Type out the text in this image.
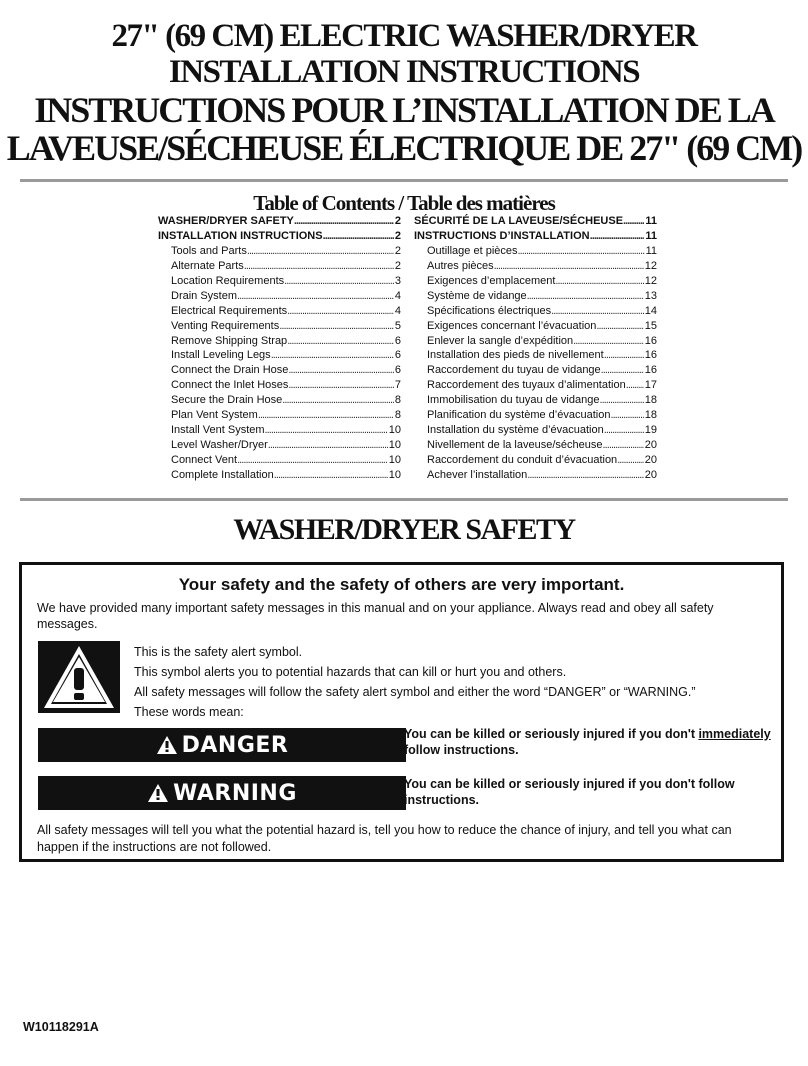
27" (69 CM) ELECTRIC WASHER/DRYER
INSTALLATION INSTRUCTIONS
INSTRUCTIONS POUR L’INSTALLATION DE LA
LAVEUSE/SÉCHEUSE ÉLECTRIQUE DE 27" (69 CM)
Table of Contents / Table des matières
WASHER/DRYER SAFETY . . .	2
INSTALLATION INSTRUCTIONS . . .	2
Tools and Parts . . .	2
Alternate Parts . . .	2
Location Requirements . . .	3
Drain System . . .	4
Electrical Requirements . . .	4
Venting Requirements . . .	5
Remove Shipping Strap . . .	6
Install Leveling Legs . . .	6
Connect the Drain Hose . . .	6
Connect the Inlet Hoses . . .	7
Secure the Drain Hose . . .	8
Plan Vent System . . .	8
Install Vent System . . .	10
Level Washer/Dryer . . .	10
Connect Vent . . .	10
Complete Installation . . .	10
SÉCURITÉ DE LA LAVEUSE/SÉCHEUSE . . . 11
INSTRUCTIONS D’INSTALLATION . . .	11
Outillage et pièces . . .	11
Autres pièces . . .	12
Exigences d’emplacement . . .	12
Système de vidange . . .	13
Spécifications électriques . . .	14
Exigences concernant l’évacuation . . .	15
Enlever la sangle d’expédition . . .	16
Installation des pieds de nivellement . . .	16
Raccordement du tuyau de vidange . . .	16
Raccordement des tuyaux d’alimentation . . . 17
Immobilisation du tuyau de vidange . . .	18
Planification du système d’évacuation . . .	18
Installation du système d’évacuation . . .	19
Nivellement de la laveuse/sécheuse . . .	20
Raccordement du conduit d’évacuation . . .	20
Achever l’installation . . .	20
WASHER/DRYER SAFETY
Your safety and the safety of others are very important.
We have provided many important safety messages in this manual and on your appliance. Always read and obey all safety messages.
This is the safety alert symbol.
This symbol alerts you to potential hazards that can kill or hurt you and others.
All safety messages will follow the safety alert symbol and either the word “DANGER” or “WARNING.”
These words mean:
DANGER	You can be killed or seriously injured if you don't immediately follow instructions.
WARNING	You can be killed or seriously injured if you don't follow instructions.
All safety messages will tell you what the potential hazard is, tell you how to reduce the chance of injury, and tell you what can happen if the instructions are not followed.
W10118291A
